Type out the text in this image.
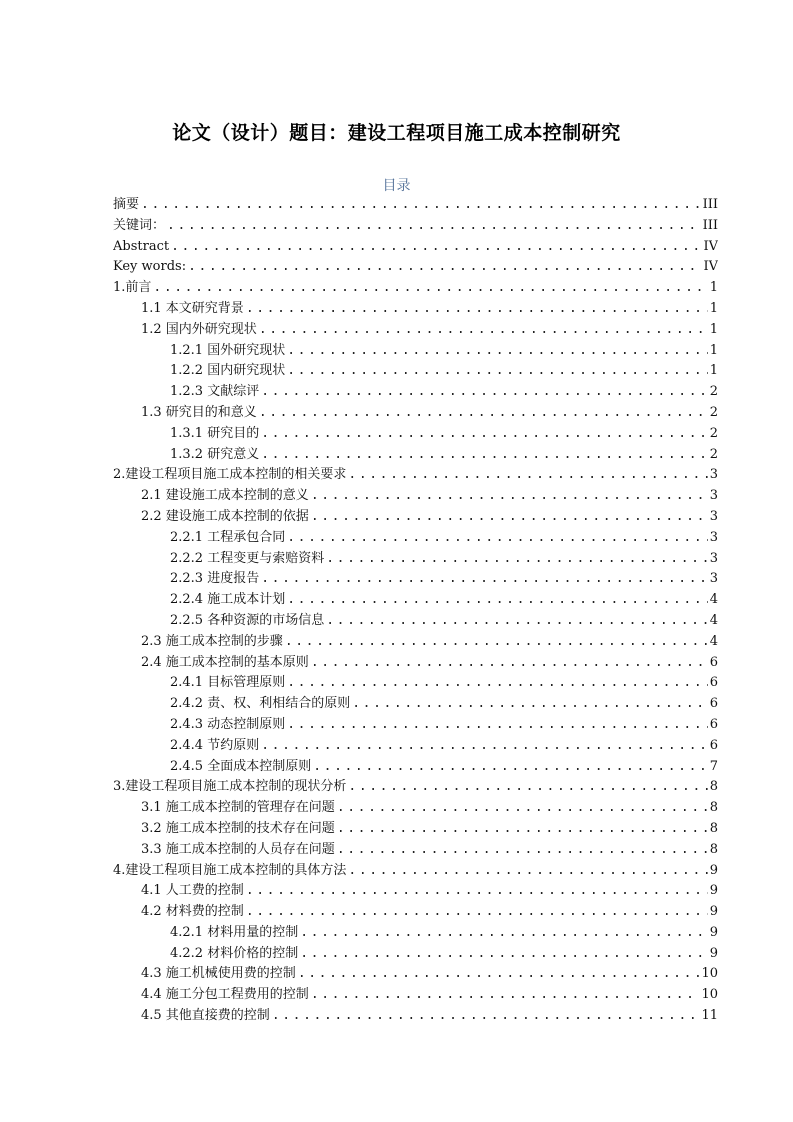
论文（设计）题目：建设工程项目施工成本控制研究
目录
摘要 .....	III
关键词： .....	III
Abstract .....	IV
Key words: .....	IV
1.前言 .....	1
1.1 本文研究背景 .....	1
1.2 国内外研究现状 .....	1
1.2.1 国外研究现状 .....	1
1.2.2 国内研究现状 .....	1
1.2.3 文献综评 .....	2
1.3 研究目的和意义 .....	2
1.3.1 研究目的 .....	2
1.3.2 研究意义 .....	2
2.建设工程项目施工成本控制的相关要求 .....	3
2.1 建设施工成本控制的意义 .....	3
2.2 建设施工成本控制的依据 .....	3
2.2.1 工程承包合同 .....	3
2.2.2 工程变更与索赔资料 .....	3
2.2.3 进度报告 .....	3
2.2.4 施工成本计划 .....	4
2.2.5 各种资源的市场信息 .....	4
2.3 施工成本控制的步骤 .....	4
2.4 施工成本控制的基本原则 .....	6
2.4.1 目标管理原则 .....	6
2.4.2 责、权、利相结合的原则 .....	6
2.4.3 动态控制原则 .....	6
2.4.4 节约原则 .....	6
2.4.5 全面成本控制原则 .....	7
3.建设工程项目施工成本控制的现状分析 .....	8
3.1 施工成本控制的管理存在问题 .....	8
3.2 施工成本控制的技术存在问题 .....	8
3.3 施工成本控制的人员存在问题 .....	8
4.建设工程项目施工成本控制的具体方法 .....	9
4.1 人工费的控制 .....	9
4.2 材料费的控制 .....	9
4.2.1 材料用量的控制 .....	9
4.2.2 材料价格的控制 .....	9
4.3 施工机械使用费的控制 .....	10
4.4 施工分包工程费用的控制 .....	10
4.5 其他直接费的控制 .....	11
